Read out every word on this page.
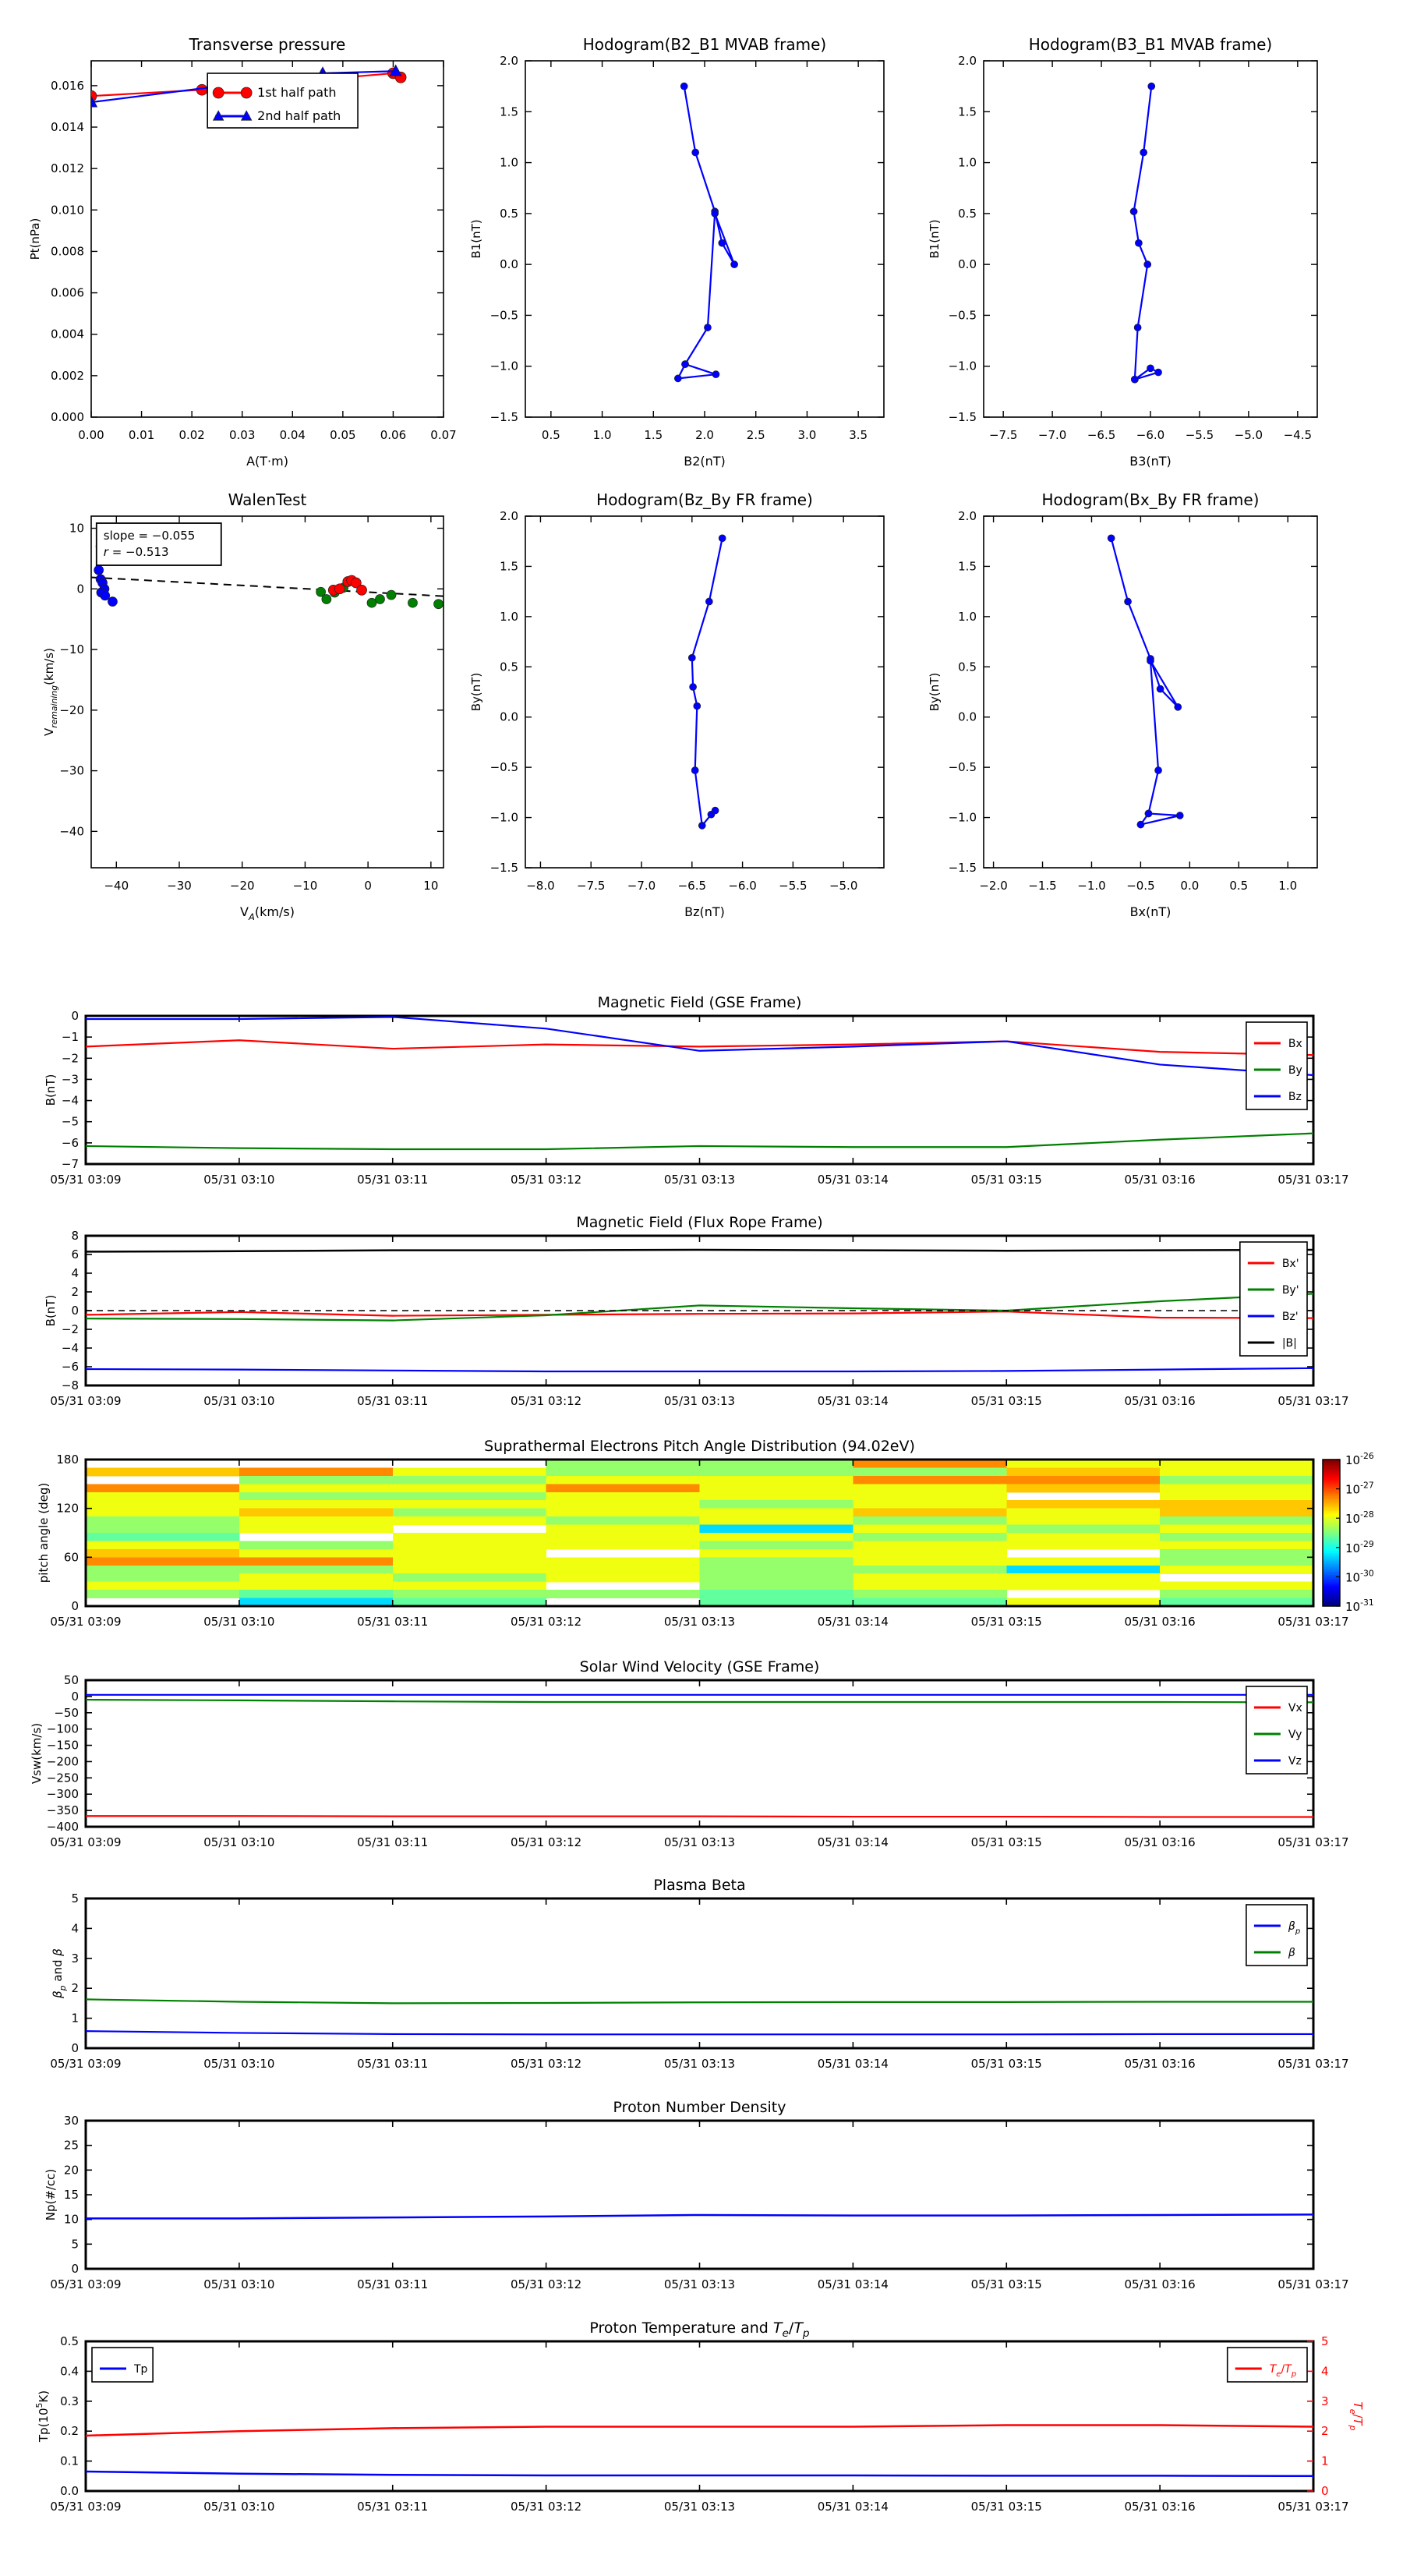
Transverse pressure
0.00 0.01 0.02 0.03 0.04 0.05 0.06 0.07
0.000
0.002
0.004
0.006
0.008
0.010
0.012
0.014
0.016
A(T·m)
Pt(nPa)
1st half path
2nd half path
Hodogram(B2_B1 MVAB frame)
0.5	1.0	1.5	2.0	2.5	3.0	3.5
−1.5
−1.0
−0.5
0.0
0.5
1.0
1.5
2.0
B2(nT)
B1(nT)
Hodogram(B3_B1 MVAB frame)
−7.5 −7.0 −6.5 −6.0 −5.5 −5.0 −4.5
−1.5
−1.0
−0.5
0.0
0.5
1.0
1.5
2.0
B3(nT)
B1(nT)
WalenTest
−40	−30	−20	−10	0	10
10
0
−10
−20
−30
−40
$V_A(km/s)$
$V_{remaining}(km/s)$
slope = −0.055
r = −0.513
Hodogram(Bz_By FR frame)
−8.0 −7.5 −7.0 −6.5 −6.0 −5.5 −5.0
−1.5
−1.0
−0.5
0.0
0.5
1.0
1.5
2.0
Bz(nT)
By(nT)
Hodogram(Bx_By FR frame)
−2.0 −1.5 −1.0 −0.5 0.0	0.5	1.0
−1.5
−1.0
−0.5
0.0
0.5
1.0
1.5
2.0
Bx(nT)
By(nT)
Magnetic Field (GSE Frame)
05/31 03:09	05/31 03:10	05/31 03:11	05/31 03:12	05/31 03:13	05/31 03:14	05/31 03:15	05/31 03:16	05/31 03:17
0
−1
−2
−3
−4
−5
−6
−7
B(nT)
Bx
By
Bz
Magnetic Field (Flux Rope Frame)
05/31 03:09	05/31 03:10	05/31 03:11	05/31 03:12	05/31 03:13	05/31 03:14	05/31 03:15	05/31 03:16	05/31 03:17
−8
−6
−4
−2
0
2
4
6
8
B(nT)
Bx'
By'
Bz'
|B|
Suprathermal Electrons Pitch Angle Distribution (94.02eV)
05/31 03:09	05/31 03:10	05/31 03:11	05/31 03:12	05/31 03:13	05/31 03:14	05/31 03:15	05/31 03:16	05/31 03:17
0
60
120
180
pitch angle (deg)
$10^{-26}$
$10^{-27}$
$10^{-28}$
$10^{-29}$
$10^{-30}$
$10^{-31}$
Solar Wind Velocity (GSE Frame)
05/31 03:09	05/31 03:10	05/31 03:11	05/31 03:12	05/31 03:13	05/31 03:14	05/31 03:15	05/31 03:16	05/31 03:17
50
0
−50
−100
−150
−200
−250
−300
−350
−400
Vsw(km/s)
Vx
Vy
Vz
Plasma Beta
05/31 03:09	05/31 03:10	05/31 03:11	05/31 03:12	05/31 03:13	05/31 03:14	05/31 03:15	05/31 03:16	05/31 03:17
0
1
2
3
4
5
$\beta_p$ and β
$\beta_p$
β
Proton Number Density
05/31 03:09	05/31 03:10	05/31 03:11	05/31 03:12	05/31 03:13	05/31 03:14	05/31 03:15	05/31 03:16	05/31 03:17
0
5
10
15
20
25
30
Np(#/cc)
Proton Temperature and $T_e/T_p$
05/31 03:09	05/31 03:10	05/31 03:11	05/31 03:12	05/31 03:13	05/31 03:14	05/31 03:15	05/31 03:16	05/31 03:17
0.0
0.1
0.2
0.3
0.4
0.5
0
1
2
3
4
5
$T_e/T_p$
$Tp(10^5K)$
Tp	$T_e/T_p$
